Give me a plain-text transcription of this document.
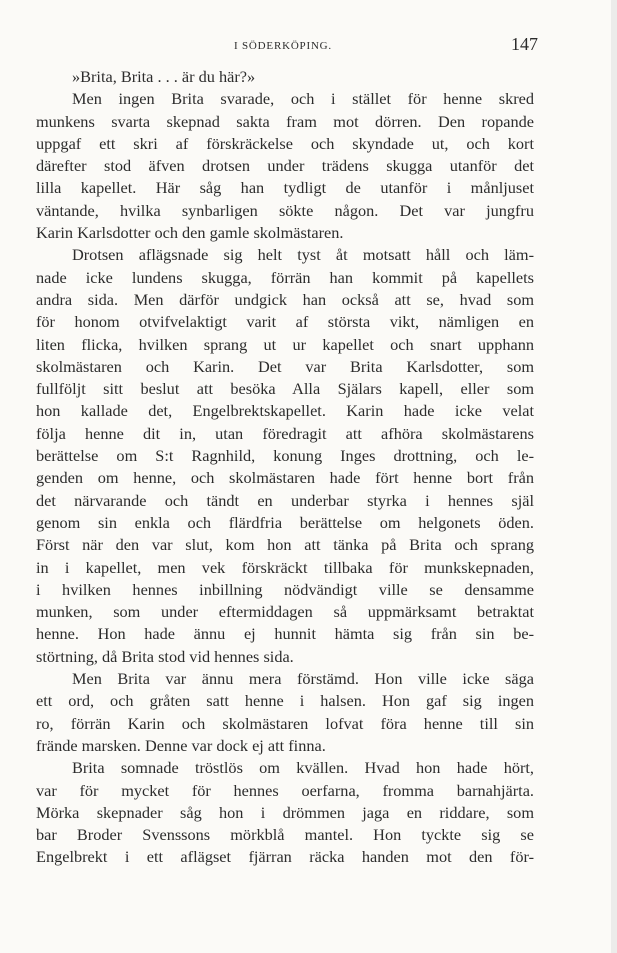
I SÖDERKÖPING.	147
»Brita, Brita . . . är du här?»
Men ingen Brita svarade, och i stället för henne skred
munkens svarta skepnad sakta fram mot dörren. Den ropande
uppgaf ett skri af förskräckelse och skyndade ut, och kort
därefter stod äfven drotsen under trädens skugga utanför det
lilla kapellet. Här såg han tydligt de utanför i månljuset
väntande, hvilka synbarligen sökte någon. Det var jungfru
Karin Karlsdotter och den gamle skolmästaren.
Drotsen aflägsnade sig helt tyst åt motsatt håll och läm-
nade icke lundens skugga, förrän han kommit på kapellets
andra sida. Men därför undgick han också att se, hvad som
för honom otvifvelaktigt varit af största vikt, nämligen en
liten flicka, hvilken sprang ut ur kapellet och snart upphann
skolmästaren och Karin. Det var Brita Karlsdotter, som
fullföljt sitt beslut att besöka Alla Själars kapell, eller som
hon kallade det, Engelbrektskapellet. Karin hade icke velat
följa henne dit in, utan föredragit att afhöra skolmästarens
berättelse om S:t Ragnhild, konung Inges drottning, och le-
genden om henne, och skolmästaren hade fört henne bort från
det närvarande och tändt en underbar styrka i hennes själ
genom sin enkla och flärdfria berättelse om helgonets öden.
Först när den var slut, kom hon att tänka på Brita och sprang
in i kapellet, men vek förskräckt tillbaka för munkskepnaden,
i hvilken hennes inbillning nödvändigt ville se densamme
munken, som under eftermiddagen så uppmärksamt betraktat
henne. Hon hade ännu ej hunnit hämta sig från sin be-
störtning, då Brita stod vid hennes sida.
Men Brita var ännu mera förstämd. Hon ville icke säga
ett ord, och gråten satt henne i halsen. Hon gaf sig ingen
ro, förrän Karin och skolmästaren lofvat föra henne till sin
frände marsken. Denne var dock ej att finna.
Brita somnade tröstlös om kvällen. Hvad hon hade hört,
var för mycket för hennes oerfarna, fromma barnahjärta.
Mörka skepnader såg hon i drömmen jaga en riddare, som
bar Broder Svenssons mörkblå mantel. Hon tyckte sig se
Engelbrekt i ett aflägset fjärran räcka handen mot den för-
